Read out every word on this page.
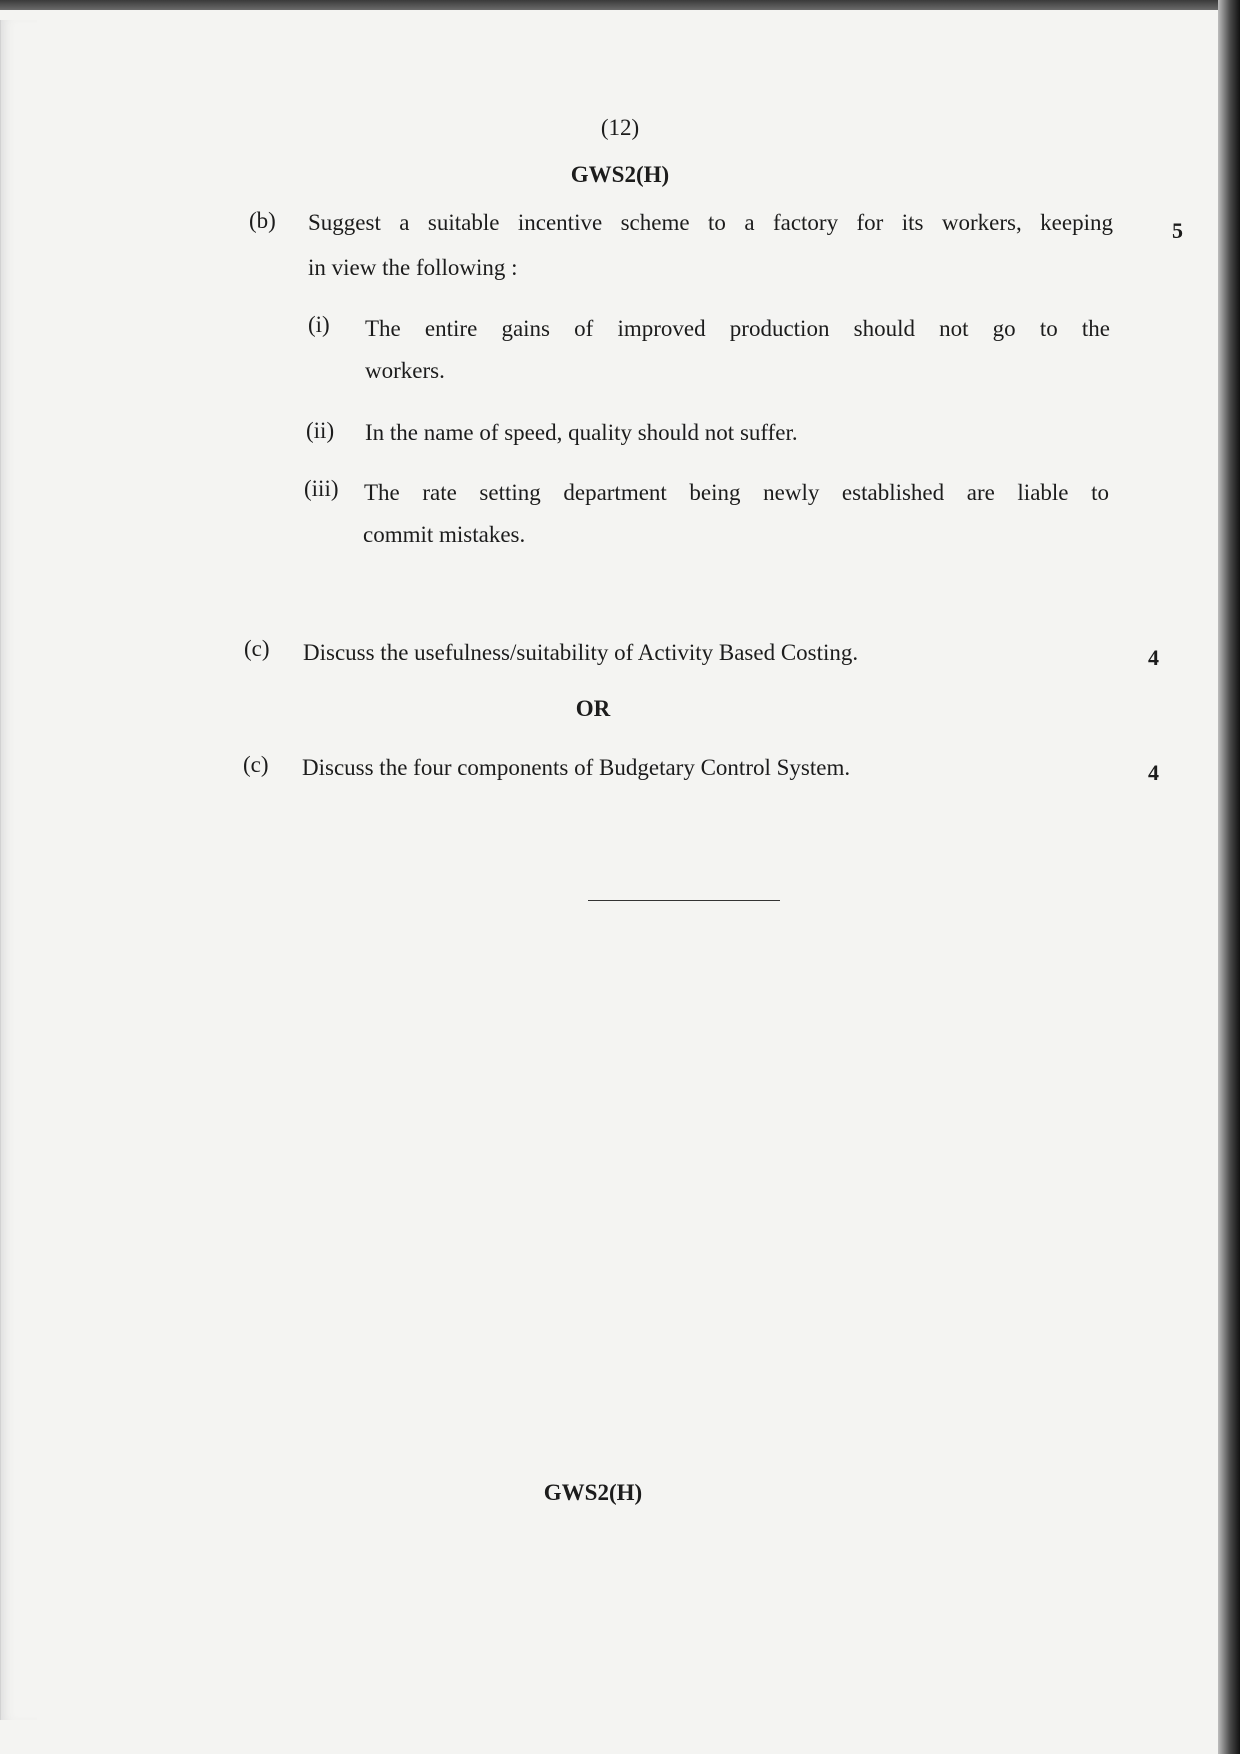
(12)
GWS2(H)
(b) Suggest a suitable incentive scheme to a factory for its workers, keeping
in view the following :
5
(i) The entire gains of improved production should not go to the
workers.
(ii) In the name of speed, quality should not suffer.
(iii) The rate setting department being newly established are liable to
commit mistakes.
(c) Discuss the usefulness/suitability of Activity Based Costing.	4
OR
(c) Discuss the four components of Budgetary Control System.	4
GWS2(H)
